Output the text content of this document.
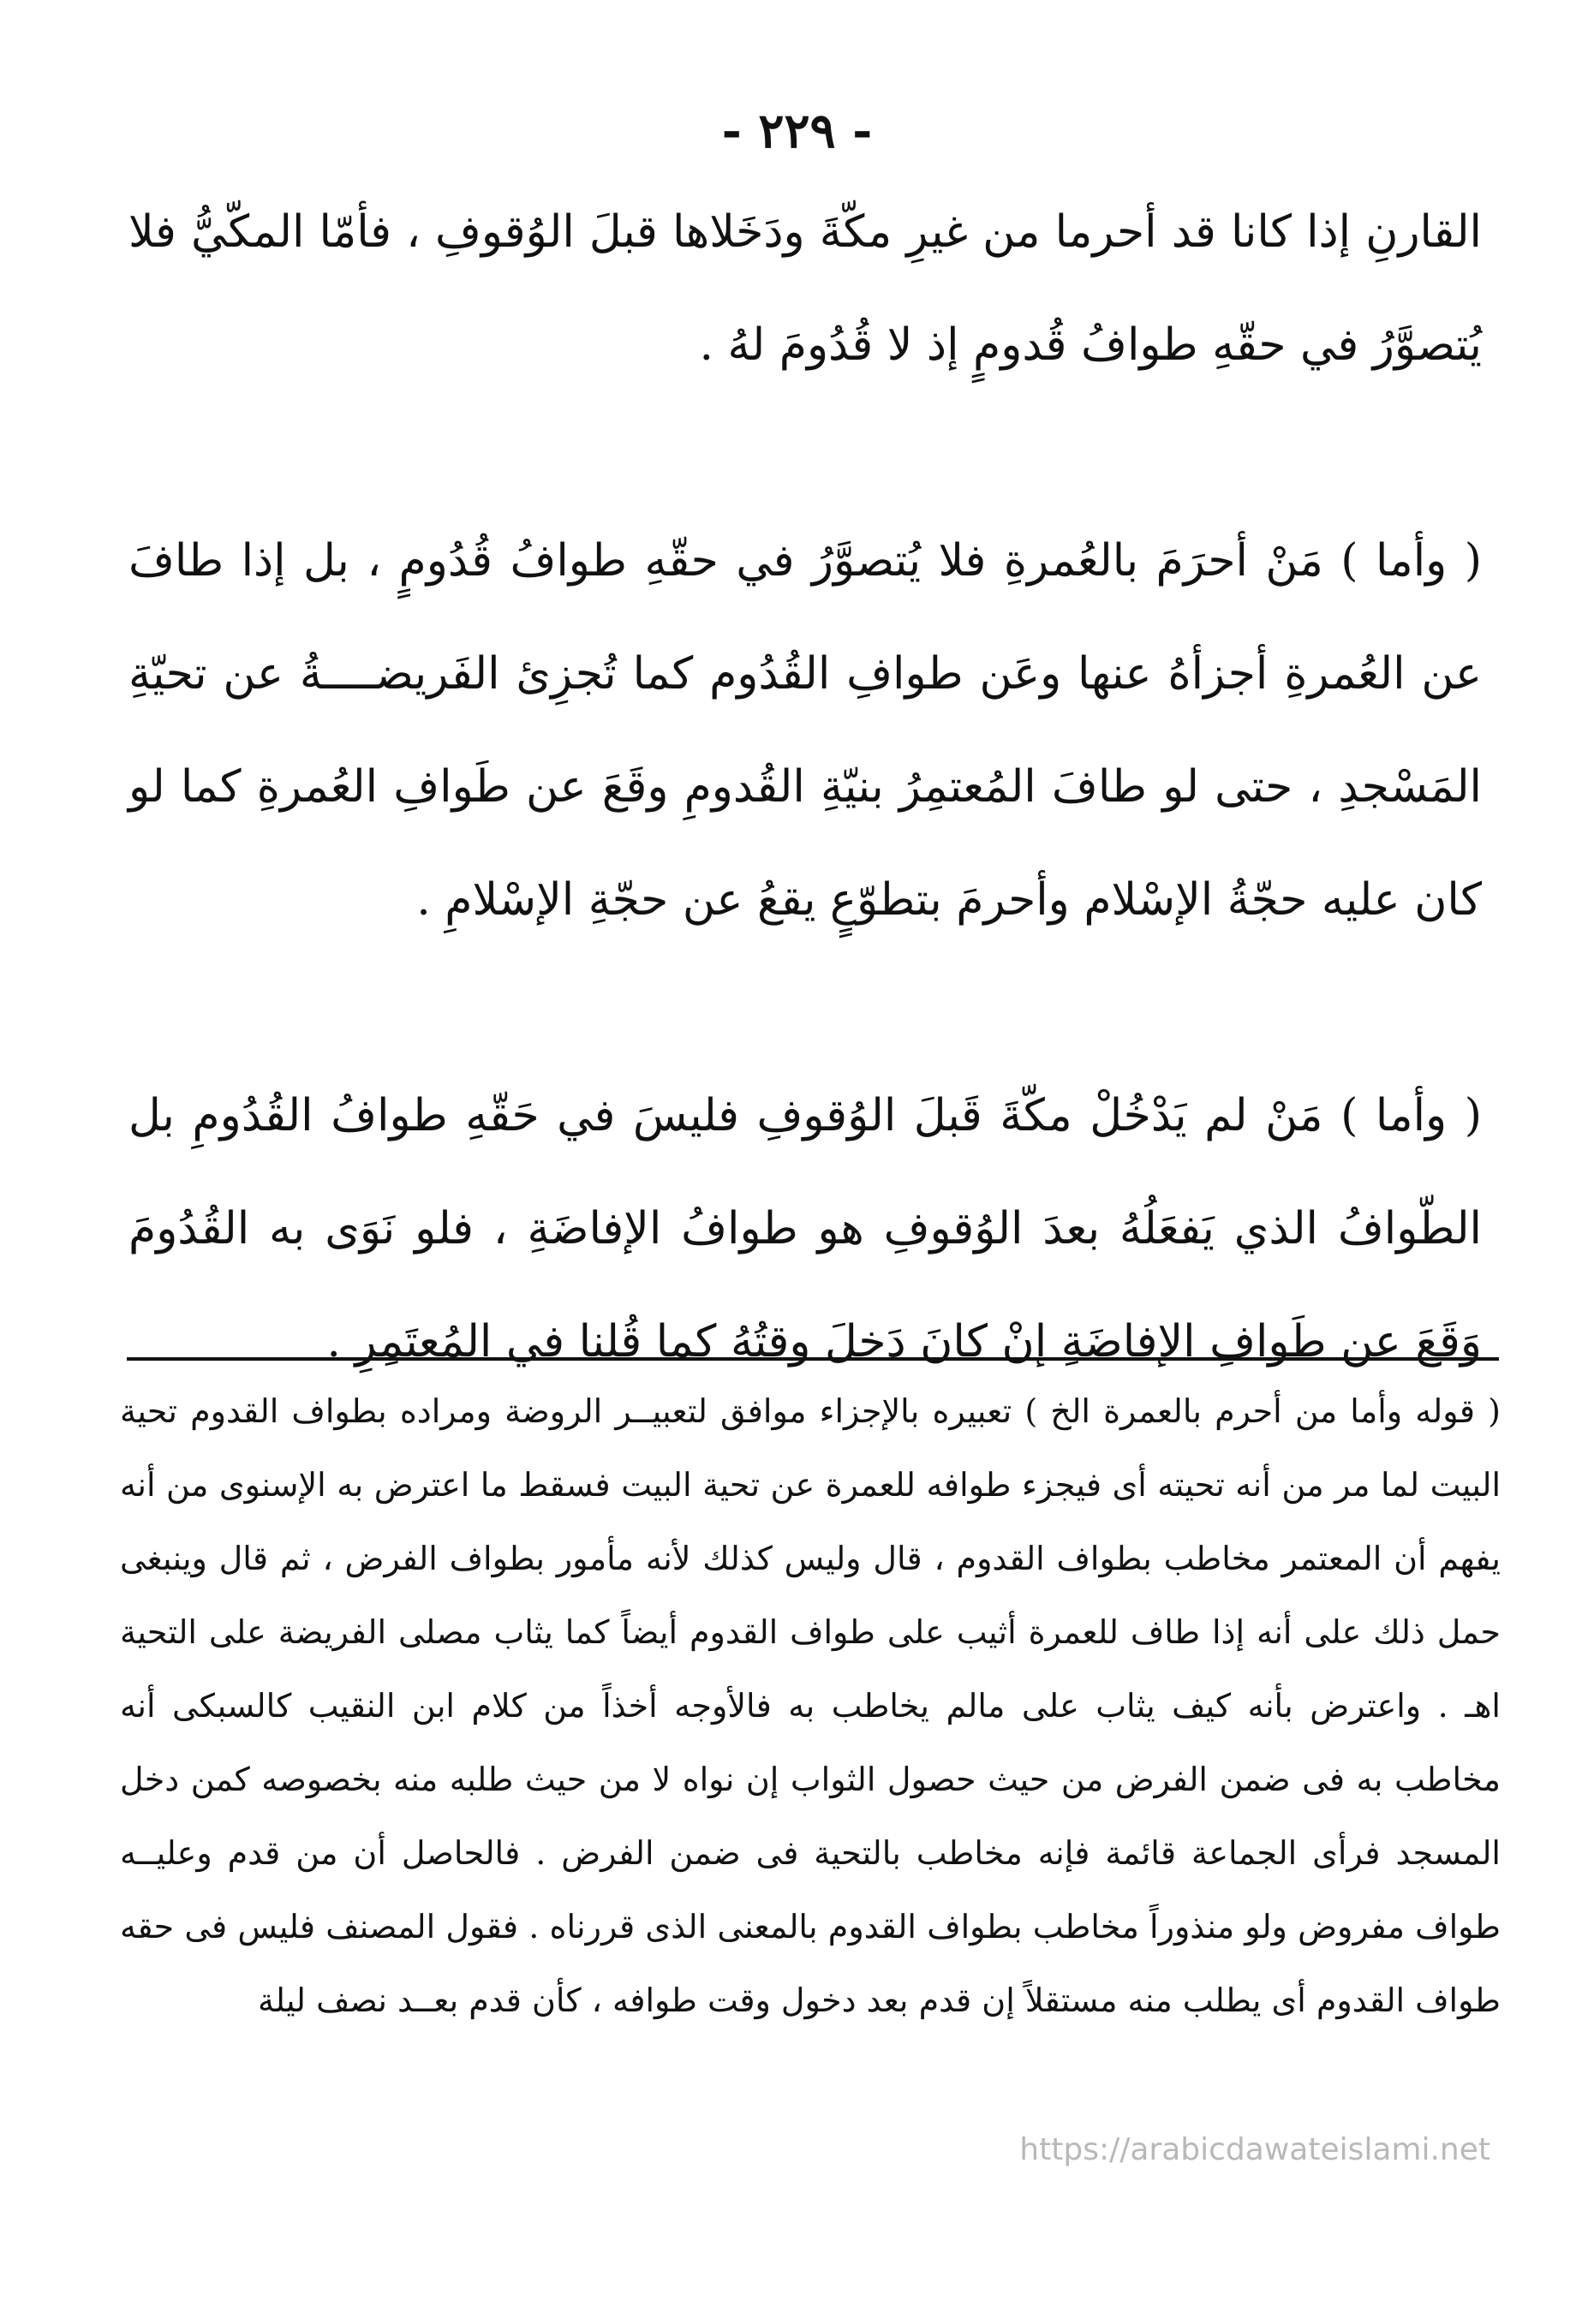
- ٢٢٩ -

القارنِ إذا كانا قد أحرما من غيرِ مكّةَ ودَخَلاها قبلَ الوُقوفِ ، فأمّا المكّيُّ فلا يُتصوَّرُ في حقّهِ طوافُ قُدومٍ إذ لا قُدُومَ لهُ .

( وأما ) مَنْ أحرَمَ بالعُمرةِ فلا يُتصوَّرُ في حقّهِ طوافُ قُدُومٍ ، بل إذا طافَ عن العُمرةِ أجزأهُ عنها وعَن طوافِ القُدُوم كما تُجزِئ الفَريضــــةُ عن تحيّةِ المَسْجدِ ، حتى لو طافَ المُعتمِرُ بنيّةِ القُدومِ وقَعَ عن طَوافِ العُمرةِ كما لو كان عليه حجّةُ الإسْلام وأحرمَ بتطوّعٍ يقعُ عن حجّةِ الإسْلامِ .

( وأما ) مَنْ لم يَدْخُلْ مكّةَ قَبلَ الوُقوفِ فليسَ في حَقّهِ طوافُ القُدُومِ بل الطّوافُ الذي يَفعَلُهُ بعدَ الوُقوفِ هو طوافُ الإفاضَةِ ، فلو نَوَى به القُدُومَ وَقَعَ عن طَوافِ الإفاضَةِ إنْ كانَ دَخلَ وقتُهُ كما قُلنا في المُعتَمِرِ .

( قوله وأما من أحرم بالعمرة الخ ) تعبيره بالإجزاء موافق لتعبيــر الروضة ومراده بطواف القدوم تحية البيت لما مر من أنه تحيته أى فيجزء طوافه للعمرة عن تحية البيت فسقط ما اعترض به الإسنوى من أنه يفهم أن المعتمر مخاطب بطواف القدوم ، قال وليس كذلك لأنه مأمور بطواف الفرض ، ثم قال وينبغى حمل ذلك على أنه إذا طاف للعمرة أثيب على طواف القدوم أيضاً كما يثاب مصلى الفريضة على التحية اهـ . واعترض بأنه كيف يثاب على مالم يخاطب به فالأوجه أخذاً من كلام ابن النقيب كالسبكى أنه مخاطب به فى ضمن الفرض من حيث حصول الثواب إن نواه لا من حيث طلبه منه بخصوصه كمن دخل المسجد فرأى الجماعة قائمة فإنه مخاطب بالتحية فى ضمن الفرض . فالحاصل أن من قدم وعليــه طواف مفروض ولو منذوراً مخاطب بطواف القدوم بالمعنى الذى قررناه . فقول المصنف فليس فى حقه طواف القدوم أى يطلب منه مستقلاً إن قدم بعد دخول وقت طوافه ، كأن قدم بعــد نصف ليلة

https://arabicdawateislami.net
